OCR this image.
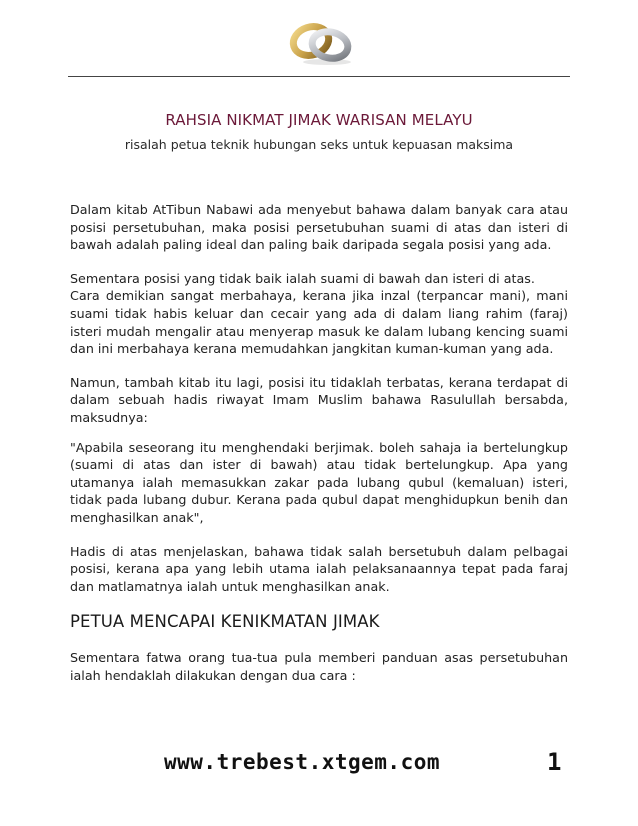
RAHSIA NIKMAT JIMAK WARISAN MELAYU
risalah petua teknik hubungan seks untuk kepuasan maksima

Dalam kitab AtTibun Nabawi ada menyebut bahawa dalam banyak cara atau posisi persetubuhan, maka posisi persetubuhan suami di atas dan isteri di bawah adalah paling ideal dan paling baik daripada segala posisi yang ada.

Sementara posisi yang tidak baik ialah suami di bawah dan isteri di atas.
Cara demikian sangat merbahaya, kerana jika inzal (terpancar mani), mani suami tidak habis keluar dan cecair yang ada di dalam liang rahim (faraj) isteri mudah mengalir atau menyerap masuk ke dalam lubang kencing suami dan ini merbahaya kerana memudahkan jangkitan kuman-kuman yang ada.

Namun, tambah kitab itu lagi, posisi itu tidaklah terbatas, kerana terdapat di dalam sebuah hadis riwayat Imam Muslim bahawa Rasulullah bersabda, maksudnya:

"Apabila seseorang itu menghendaki berjimak. boleh sahaja ia bertelungkup (suami di atas dan ister di bawah) atau tidak bertelungkup. Apa yang utamanya ialah memasukkan zakar pada lubang qubul (kemaluan) isteri, tidak pada lubang dubur. Kerana pada qubul dapat menghidupkun benih dan menghasilkan anak",

Hadis di atas menjelaskan, bahawa tidak salah bersetubuh dalam pelbagai posisi, kerana apa yang lebih utama ialah pelaksanaannya tepat pada faraj dan matlamatnya ialah untuk menghasilkan anak.

PETUA MENCAPAI KENIKMATAN JIMAK

Sementara fatwa orang tua-tua pula memberi panduan asas persetubuhan ialah hendaklah dilakukan dengan dua cara :

www.trebest.xtgem.com	1
